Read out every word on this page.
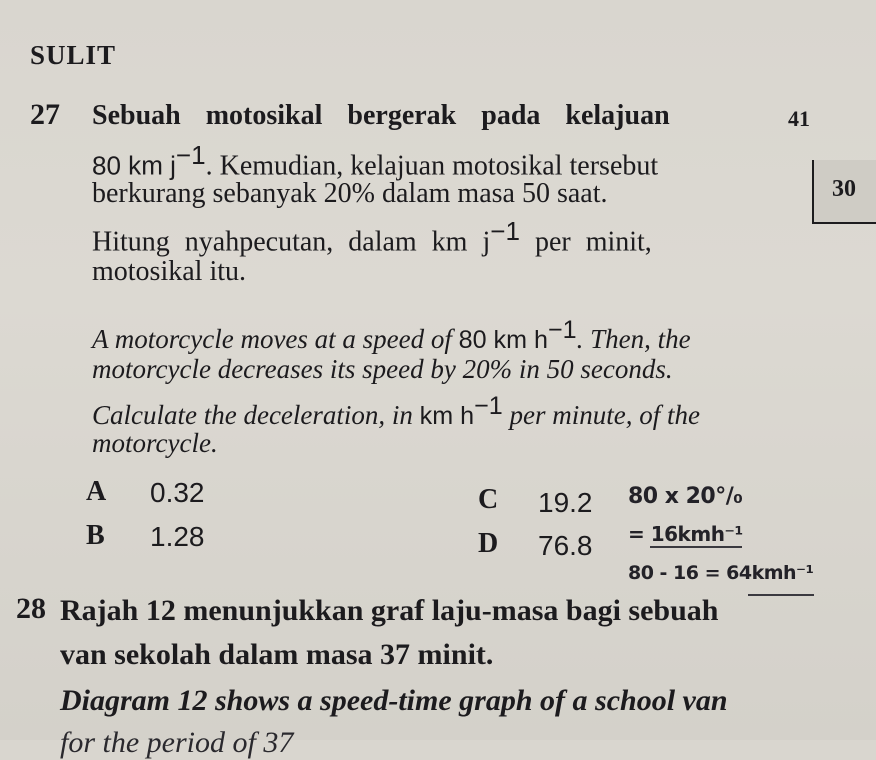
SULIT
41
30
27 Sebuah motosikal bergerak pada kelajuan
80 km $j^{-1}$. Kemudian, kelajuan motosikal tersebut
berkurang sebanyak 20% dalam masa 50 saat.
Hitung nyahpecutan, dalam km $j^{-1}$ per minit,
motosikal itu.
A motorcycle moves at a speed of 80 km $h^{-1}$. Then, the
motorcycle decreases its speed by 20% in 50 seconds.
Calculate the deceleration, in km $h^{-1}$ per minute, of the
motorcycle.
A 0.32
B 1.28
C 19.2
D 76.8
80 x 20°/₀
= 16kmh⁻¹
80 - 16 = 64kmh⁻¹
28 Rajah 12 menunjukkan graf laju-masa bagi sebuah
van sekolah dalam masa 37 minit.
Diagram 12 shows a speed-time graph of a school van
for the period of 37
